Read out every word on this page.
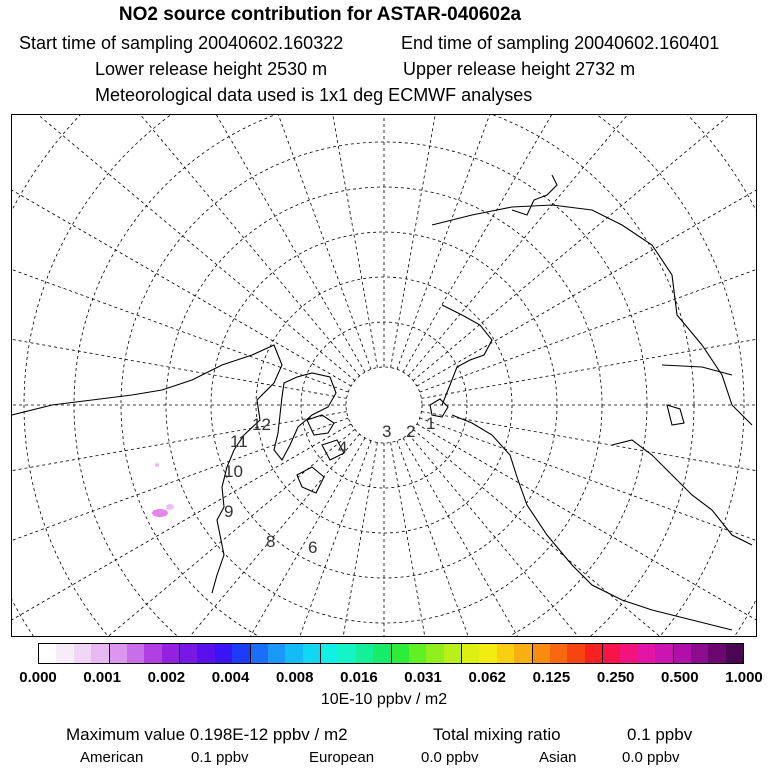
NO2 source contribution for ASTAR-040602a
Start time of sampling 20040602.160322	End time of sampling 20040602.160401
Lower release height 2530 m	Upper release height 2732 m
Meteorological data used is 1x1 deg ECMWF analyses
12
11
10
9
8 6
4
3 2 1
0.000 0.001 0.002 0.004 0.008 0.016 0.031 0.062 0.125 0.250 0.500 1.000
10E-10 ppbv / m2
Maximum value 0.198E-12 ppbv / m2	Total mixing ratio	0.1 ppbv
American	0.1 ppbv	European	0.0 ppbv	Asian	0.0 ppbv
